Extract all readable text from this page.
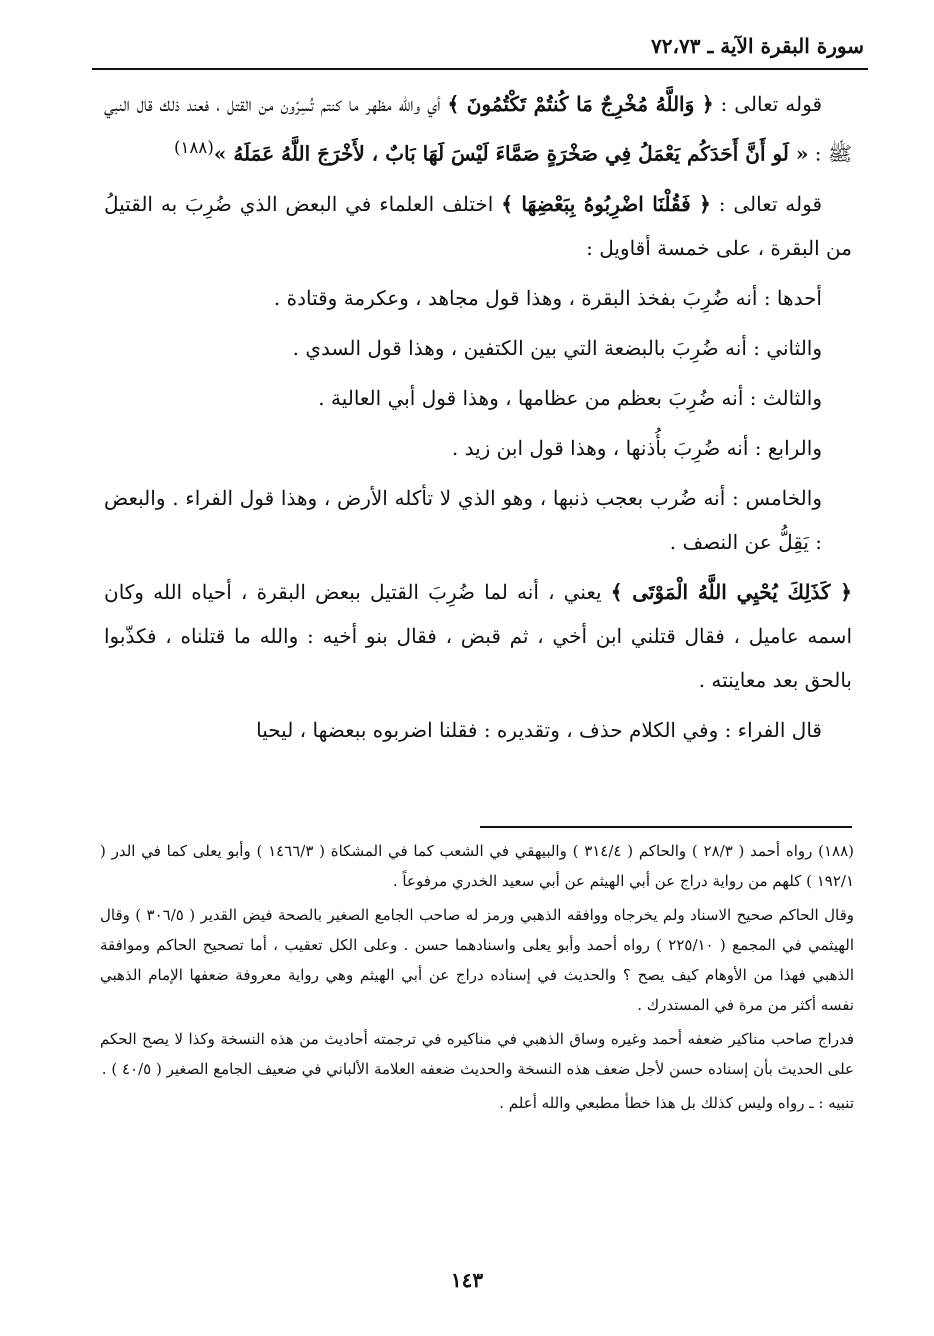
سورة البقرة الآية ـ ٧٢،٧٣

قوله تعالى : ﴿ وَاللَّهُ مُخْرِجٌ مَا كُنتُمْ تَكْتُمُونَ ﴾ أي والله مظهر ما كنتم تُسِرّون من القتل ، فعند ذلك قال النبي ﷺ : « لَو أَنَّ أَحَدَكُم يَعْمَلُ فِي صَخْرَةٍ صَمَّاءَ لَيْسَ لَهَا بَابٌ ، لأَخْرَجَ اللَّهُ عَمَلَهُ »$^{(١٨٨)}$

قوله تعالى : ﴿ فَقُلْنَا اضْرِبُوهُ بِبَعْضِهَا ﴾ اختلف العلماء في البعض الذي ضُرِبَ به القتيلُ من البقرة ، على خمسة أقاويل :

أحدها : أنه ضُرِبَ بفخذ البقرة ، وهذا قول مجاهد ، وعكرمة وقتادة .

والثاني : أنه ضُرِبَ بالبضعة التي بين الكتفين ، وهذا قول السدي .

والثالث : أنه ضُرِبَ بعظم من عظامها ، وهذا قول أبي العالية .

والرابع : أنه ضُرِبَ بأُذنها ، وهذا قول ابن زيد .

والخامس : أنه ضُرب بعجب ذنبها ، وهو الذي لا تأكله الأرض ، وهذا قول الفراء . والبعض : يَقِلُّ عن النصف .

﴿ كَذَلِكَ يُحْيِي اللَّهُ الْمَوْتَى ﴾ يعني ، أنه لما ضُرِبَ القتيل ببعض البقرة ، أحياه الله وكان اسمه عاميل ، فقال قتلني ابن أخي ، ثم قبض ، فقال بنو أخيه : والله ما قتلناه ، فكذّبوا بالحق بعد معاينته .

قال الفراء : وفي الكلام حذف ، وتقديره : فقلنا اضربوه ببعضها ، ليحيا

(١٨٨) رواه أحمد ( ٢٨/٣ ) والحاكم ( ٣١٤/٤ ) والبيهقي في الشعب كما في المشكاة ( ١٤٦٦/٣ ) وأبو يعلى كما في الدر ( ١٩٢/١ ) كلهم من رواية دراج عن أبي الهيثم عن أبي سعيد الخدري مرفوعاً .

وقال الحاكم صحيح الاسناد ولم يخرجاه ووافقه الذهبي ورمز له صاحب الجامع الصغير بالصحة فيض القدير ( ٣٠٦/٥ ) وقال الهيثمي في المجمع ( ٢٢٥/١٠ ) رواه أحمد وأبو يعلى واسنادهما حسن . وعلى الكل تعقيب ، أما تصحيح الحاكم وموافقة الذهبي فهذا من الأوهام كيف يصح ؟ والحديث في إسناده دراج عن أبي الهيثم وهي رواية معروفة ضعفها الإمام الذهبي نفسه أكثر من مرة في المستدرك .

فدراج صاحب مناكير ضعفه أحمد وغيره وساق الذهبي في مناكيره في ترجمته أحاديث من هذه النسخة وكذا لا يصح الحكم على الحديث بأن إسناده حسن لأجل ضعف هذه النسخة والحديث ضعفه العلامة الألباني في ضعيف الجامع الصغير ( ٤٠/٥ ) .

تنبيه : ـ رواه وليس كذلك بل هذا خطأ مطبعي والله أعلم .

١٤٣
